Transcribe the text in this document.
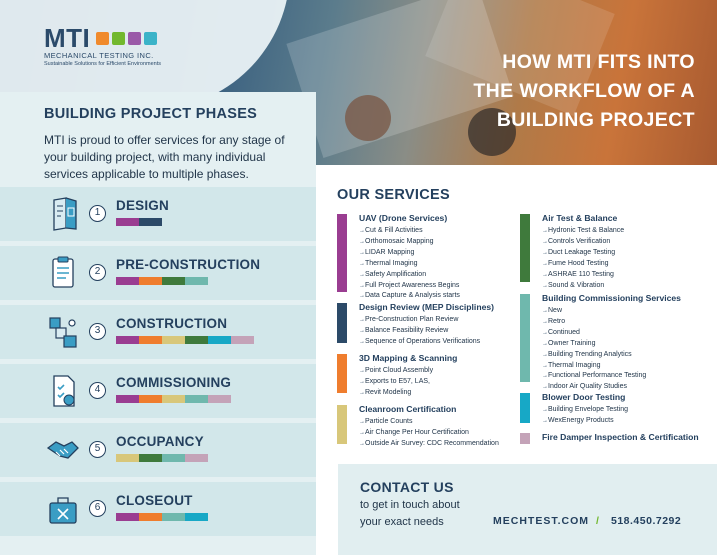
MTI
MECHANICAL TESTING INC.
Sustainable Solutions for Efficient Environments	HOW MTI FITS INTO THE WORKFLOW OF A BUILDING PROJECT
BUILDING PROJECT PHASES
MTI is proud to offer services for any stage of your building project, with many individual services applicable to multiple phases.
1	DESIGN
2	PRE-CONSTRUCTION
3	CONSTRUCTION
4	COMMISSIONING
5	OCCUPANCY
6	CLOSEOUT
OUR SERVICES
UAV (Drone Services)
→ Cut & Fill Activities
→ Orthomosaic Mapping
→ LIDAR Mapping
→ Thermal Imaging
→ Safety Amplification
→ Full Project Awareness Begins
→ Data Capture & Analysis starts
Design Review (MEP Disciplines)
→ Pre-Construction Plan Review
→ Balance Feasibility Review
→ Sequence of Operations Verifications
3D Mapping & Scanning
→ Point Cloud Assembly
→ Exports to E57, LAS,
→ Revit Modeling
Cleanroom Certification
→ Particle Counts
→ Air Change Per Hour Certification
→ Outside Air Survey: CDC Recommendation
Air Test & Balance
→ Hydronic Test & Balance
→ Controls Verification
→ Duct Leakage Testing
→ Fume Hood Testing
→ ASHRAE 110 Testing
→ Sound & Vibration
Building Commissioning Services
→ New
→ Retro
→ Continued
→ Owner Training
→ Building Trending Analytics
→ Thermal Imaging
→ Functional Performance Testing
→ Indoor Air Quality Studies
Blower Door Testing
→ Building Envelope Testing
→ WexEnergy Products
Fire Damper Inspection & Certification
CONTACT US
to get in touch about your exact needs	MECHTEST.COM / 518.450.7292
